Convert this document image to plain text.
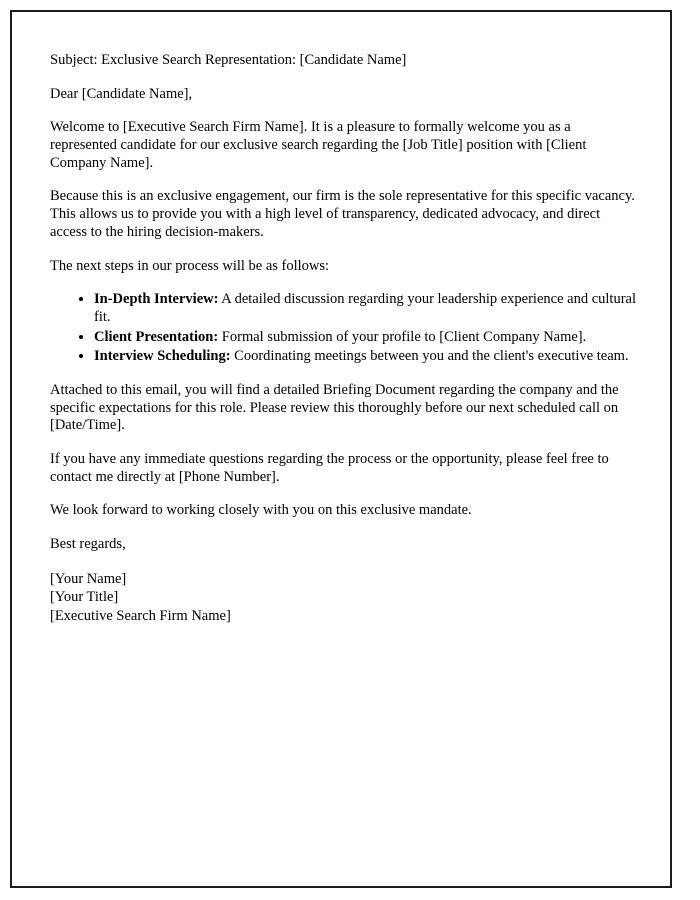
Subject: Exclusive Search Representation: [Candidate Name]

Dear [Candidate Name],

Welcome to [Executive Search Firm Name]. It is a pleasure to formally welcome you as a represented candidate for our exclusive search regarding the [Job Title] position with [Client Company Name].

Because this is an exclusive engagement, our firm is the sole representative for this specific vacancy. This allows us to provide you with a high level of transparency, dedicated advocacy, and direct access to the hiring decision-makers.

The next steps in our process will be as follows:

• In-Depth Interview: A detailed discussion regarding your leadership experience and cultural fit.
• Client Presentation: Formal submission of your profile to [Client Company Name].
• Interview Scheduling: Coordinating meetings between you and the client's executive team.

Attached to this email, you will find a detailed Briefing Document regarding the company and the specific expectations for this role. Please review this thoroughly before our next scheduled call on [Date/Time].

If you have any immediate questions regarding the process or the opportunity, please feel free to contact me directly at [Phone Number].

We look forward to working closely with you on this exclusive mandate.

Best regards,

[Your Name]
[Your Title]
[Executive Search Firm Name]
